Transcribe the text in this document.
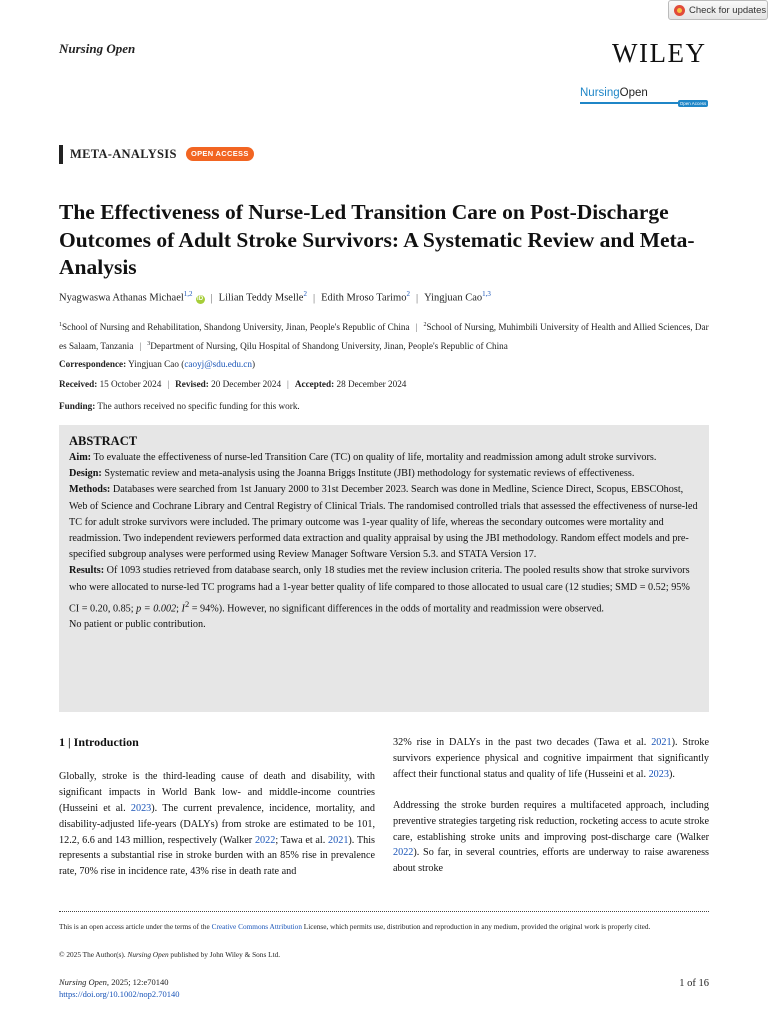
Check for updates
Nursing Open	WILEY
NursingOpen
Open Access
META-ANALYSIS	OPEN ACCESS
The Effectiveness of Nurse-Led Transition Care on Post-Discharge Outcomes of Adult Stroke Survivors: A Systematic Review and Meta-Analysis
Nyagwaswa Athanas Michael$^{1,2}$iD | Lilian Teddy Mselle$^2$ | Edith Mroso Tarimo$^2$ | Yingjuan Cao$^{1,3}$
$^1$School of Nursing and Rehabilitation, Shandong University, Jinan, People's Republic of China | $^2$School of Nursing, Muhimbili University of Health and Allied Sciences, Dar es Salaam, Tanzania | $^3$Department of Nursing, Qilu Hospital of Shandong University, Jinan, People's Republic of China
Correspondence: Yingjuan Cao (caoyj@sdu.edu.cn)
Received: 15 October 2024 | Revised: 20 December 2024 | Accepted: 28 December 2024
Funding: The authors received no specific funding for this work.
ABSTRACT

Aim: To evaluate the effectiveness of nurse-led Transition Care (TC) on quality of life, mortality and readmission among adult stroke survivors.

Design: Systematic review and meta-analysis using the Joanna Briggs Institute (JBI) methodology for systematic reviews of effectiveness.

Methods: Databases were searched from 1st January 2000 to 31st December 2023. Search was done in Medline, Science Direct, Scopus, EBSCOhost, Web of Science and Cochrane Library and Central Registry of Clinical Trials. The randomised controlled trials that assessed the effectiveness of nurse-led TC for adult stroke survivors were included. The primary outcome was 1-year quality of life, whereas the secondary outcomes were mortality and readmission. Two independent reviewers performed data extraction and quality appraisal by using the JBI methodology. Random effect models and pre-specified subgroup analyses were performed using Review Manager Software Version 5.3. and STATA Version 17.

Results: Of 1093 studies retrieved from database search, only 18 studies met the review inclusion criteria. The pooled results show that stroke survivors who were allocated to nurse-led TC programs had a 1-year better quality of life compared to those allocated to usual care (12 studies; SMD = 0.52; 95% CI = 0.20, 0.85; p = 0.002; $I^2 = 94\%$). However, no significant differences in the odds of mortality and readmission were observed.

No patient or public contribution.

1 | Introduction

Globally, stroke is the third-leading cause of death and disability, with significant impacts in World Bank low- and middle-income countries (Husseini et al. 2023). The current prevalence, incidence, mortality, and disability-adjusted life-years (DALYs) from stroke are estimated to be 101, 12.2, 6.6 and 143 million, respectively (Walker 2022; Tawa et al. 2021). This represents a substantial rise in stroke burden with an 85% rise in prevalence rate, 70% rise in incidence rate, 43% rise in death rate and

32% rise in DALYs in the past two decades (Tawa et al. 2021). Stroke survivors experience physical and cognitive impairment that significantly affect their functional status and quality of life (Husseini et al. 2023).

Addressing the stroke burden requires a multifaceted approach, including preventive strategies targeting risk reduction, rocketing access to acute stroke care, establishing stroke units and improving post-discharge care (Walker 2022). So far, in several countries, efforts are underway to raise awareness about stroke

This is an open access article under the terms of the Creative Commons Attribution License, which permits use, distribution and reproduction in any medium, provided the original work is properly cited.
© 2025 The Author(s). Nursing Open published by John Wiley & Sons Ltd.
Nursing Open, 2025; 12:e70140
https://doi.org/10.1002/nop2.70140
1 of 16
